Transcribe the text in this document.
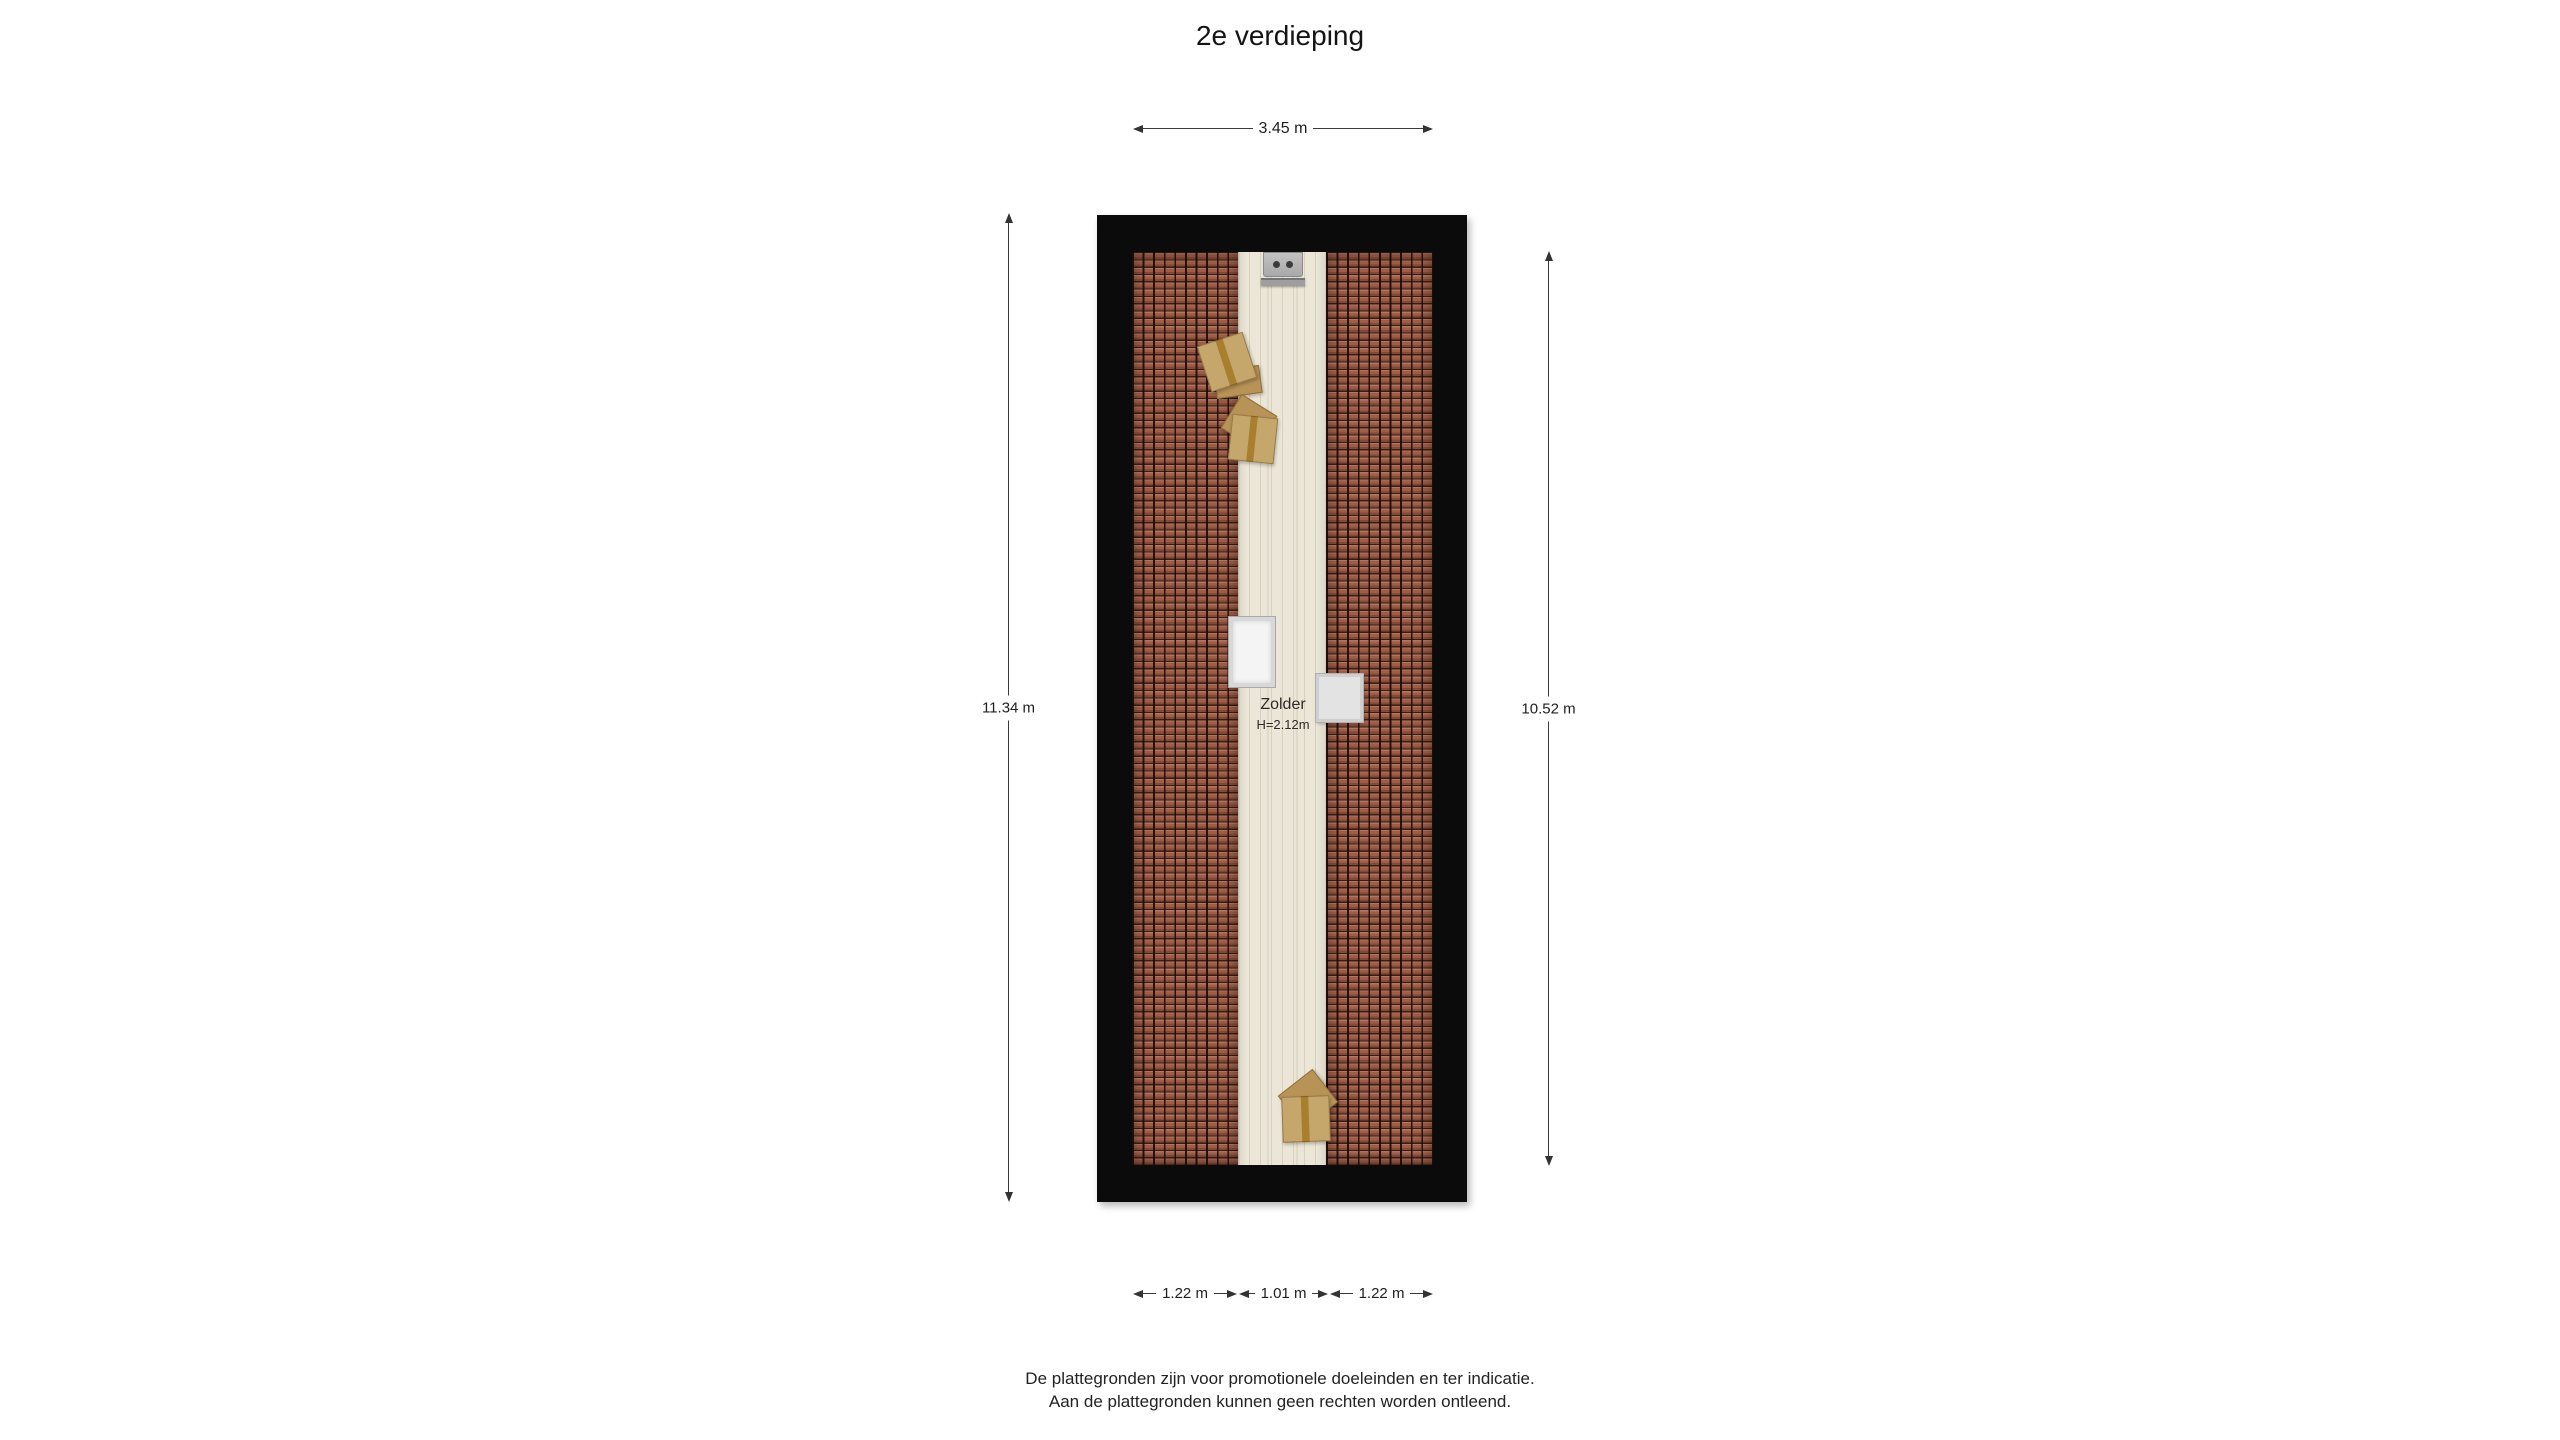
2e verdieping
3.45 m
11.34 m	10.52 m
Zolder
H=2.12m
1.22 m	1.01 m	1.22 m
De plattegronden zijn voor promotionele doeleinden en ter indicatie.
Aan de plattegronden kunnen geen rechten worden ontleend.
